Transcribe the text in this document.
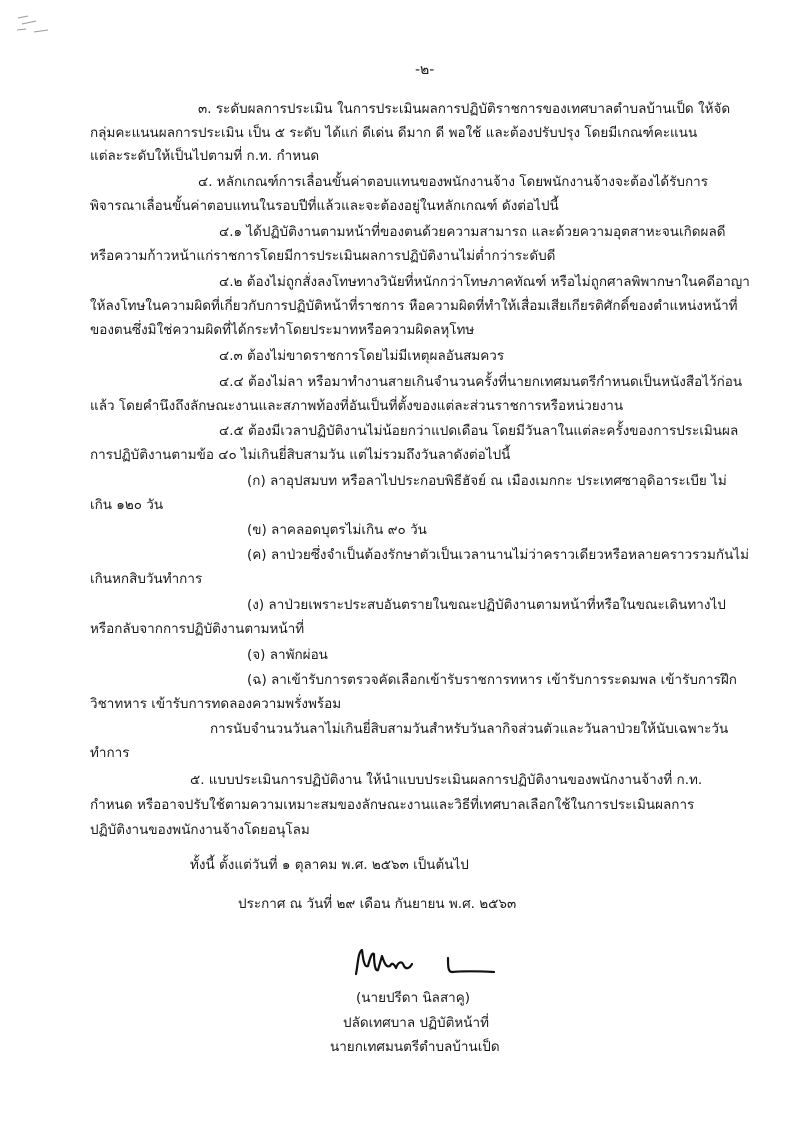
-๒-
๓. ระดับผลการประเมิน ในการประเมินผลการปฏิบัติราชการของเทศบาลตำบลบ้านเป็ด ให้จัด
กลุ่มคะแนนผลการประเมิน เป็น ๕ ระดับ ได้แก่ ดีเด่น ดีมาก ดี พอใช้ และต้องปรับปรุง โดยมีเกณฑ์คะแนน
แต่ละระดับให้เป็นไปตามที่ ก.ท. กำหนด
๔. หลักเกณฑ์การเลื่อนขั้นค่าตอบแทนของพนักงานจ้าง โดยพนักงานจ้างจะต้องได้รับการ
พิจารณาเลื่อนขั้นค่าตอบแทนในรอบปีที่แล้วและจะต้องอยู่ในหลักเกณฑ์ ดังต่อไปนี้
๔.๑ ได้ปฏิบัติงานตามหน้าที่ของตนด้วยความสามารถ และด้วยความอุตสาหะจนเกิดผลดี
หรือความก้าวหน้าแก่ราชการโดยมีการประเมินผลการปฏิบัติงานไม่ต่ำกว่าระดับดี
๔.๒ ต้องไม่ถูกสั่งลงโทษทางวินัยที่หนักกว่าโทษภาคทัณฑ์ หรือไม่ถูกศาลพิพากษาในคดีอาญา
ให้ลงโทษในความผิดที่เกี่ยวกับการปฏิบัติหน้าที่ราชการ หือความผิดที่ทำให้เสื่อมเสียเกียรติศักดิ์ของตำแหน่งหน้าที่
ของตนซึ่งมิใช่ความผิดที่ได้กระทำโดยประมาทหรือความผิดลหุโทษ
๔.๓ ต้องไม่ขาดราชการโดยไม่มีเหตุผลอันสมควร
๔.๔ ต้องไม่ลา หรือมาทำงานสายเกินจำนวนครั้งที่นายกเทศมนตรีกำหนดเป็นหนังสือไว้ก่อน
แล้ว โดยคำนึงถึงลักษณะงานและสภาพท้องที่อันเป็นที่ตั้งของแต่ละส่วนราชการหรือหน่วยงาน
๔.๕ ต้องมีเวลาปฏิบัติงานไม่น้อยกว่าแปดเดือน โดยมีวันลาในแต่ละครั้งของการประเมินผล
การปฏิบัติงานตามข้อ ๔๐ ไม่เกินยี่สิบสามวัน แต่ไม่รวมถึงวันลาดังต่อไปนี้
(ก) ลาอุปสมบท หรือลาไปประกอบพิธีฮัจย์ ณ เมืองเมกกะ ประเทศซาอุดิอาระเบีย ไม่
เกิน ๑๒๐ วัน
(ข) ลาคลอดบุตรไม่เกิน ๙๐ วัน
(ค) ลาป่วยซึ่งจำเป็นต้องรักษาตัวเป็นเวลานานไม่ว่าคราวเดียวหรือหลายคราวรวมกันไม่
เกินหกสิบวันทำการ
(ง) ลาป่วยเพราะประสบอันตรายในขณะปฏิบัติงานตามหน้าที่หรือในขณะเดินทางไป
หรือกลับจากการปฏิบัติงานตามหน้าที่
(จ) ลาพักผ่อน
(ฉ) ลาเข้ารับการตรวจคัดเลือกเข้ารับราชการทหาร เข้ารับการระดมพล เข้ารับการฝึก
วิชาทหาร เข้ารับการทดลองความพรั่งพร้อม
การนับจำนวนวันลาไม่เกินยี่สิบสามวันสำหรับวันลากิจส่วนตัวและวันลาป่วยให้นับเฉพาะวัน
ทำการ
๕. แบบประเมินการปฏิบัติงาน ให้นำแบบประเมินผลการปฏิบัติงานของพนักงานจ้างที่ ก.ท.
กำหนด หรืออาจปรับใช้ตามความเหมาะสมของลักษณะงานและวิธีที่เทศบาลเลือกใช้ในการประเมินผลการ
ปฏิบัติงานของพนักงานจ้างโดยอนุโลม
ทั้งนี้ ตั้งแต่วันที่ ๑ ตุลาคม พ.ศ. ๒๕๖๓ เป็นต้นไป
ประกาศ ณ วันที่ ๒๙ เดือน กันยายน พ.ศ. ๒๕๖๓
(นายปรีดา นิลสาคู)
ปลัดเทศบาล ปฏิบัติหน้าที่
นายกเทศมนตรีตำบลบ้านเป็ด
